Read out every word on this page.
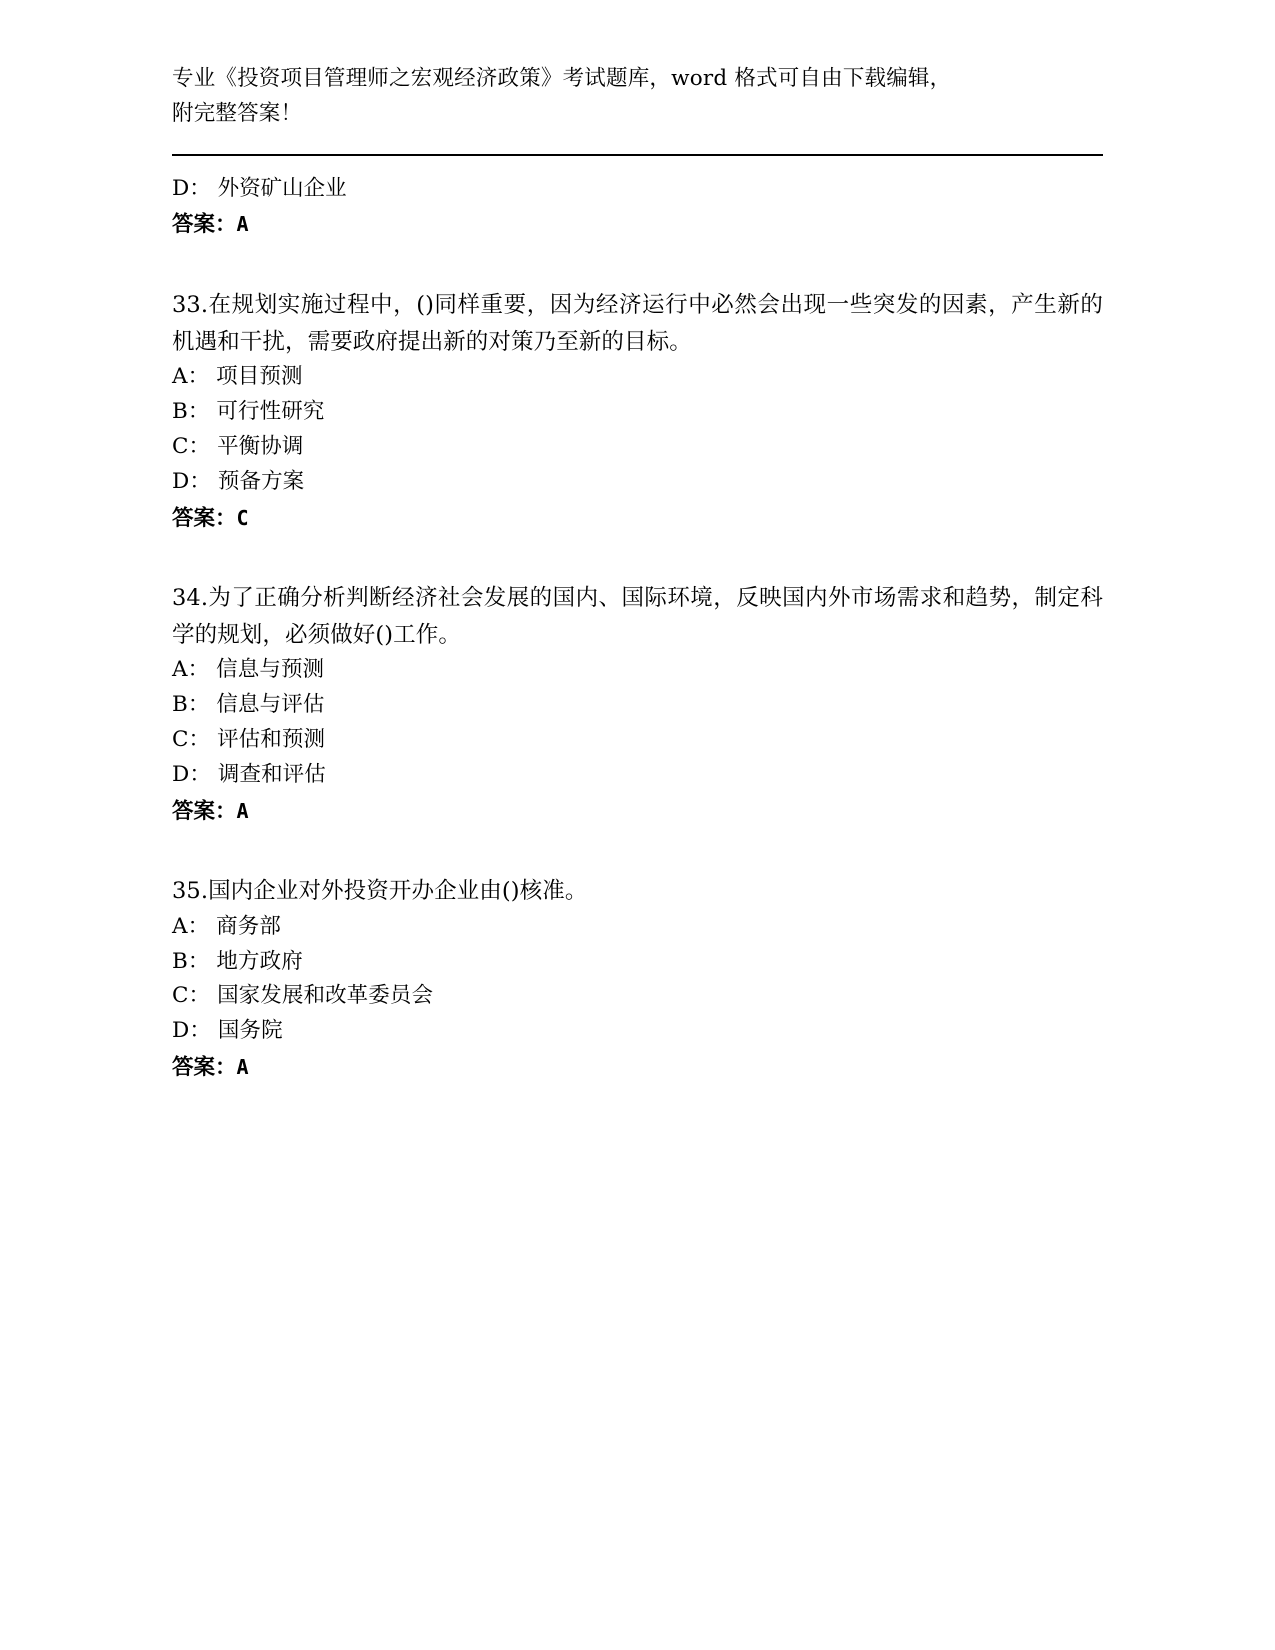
专业《投资项目管理师之宏观经济政策》考试题库，word 格式可自由下载编辑，
附完整答案！
D： 外资矿山企业
答案：A
33.在规划实施过程中，()同样重要，因为经济运行中必然会出现一些突发的因素，产生新的机遇和干扰，需要政府提出新的对策乃至新的目标。
A： 项目预测
B： 可行性研究
C： 平衡协调
D： 预备方案
答案：C
34.为了正确分析判断经济社会发展的国内、国际环境，反映国内外市场需求和趋势，制定科学的规划，必须做好()工作。
A： 信息与预测
B： 信息与评估
C： 评估和预测
D： 调查和评估
答案：A
35.国内企业对外投资开办企业由()核准。
A： 商务部
B： 地方政府
C： 国家发展和改革委员会
D： 国务院
答案：A
